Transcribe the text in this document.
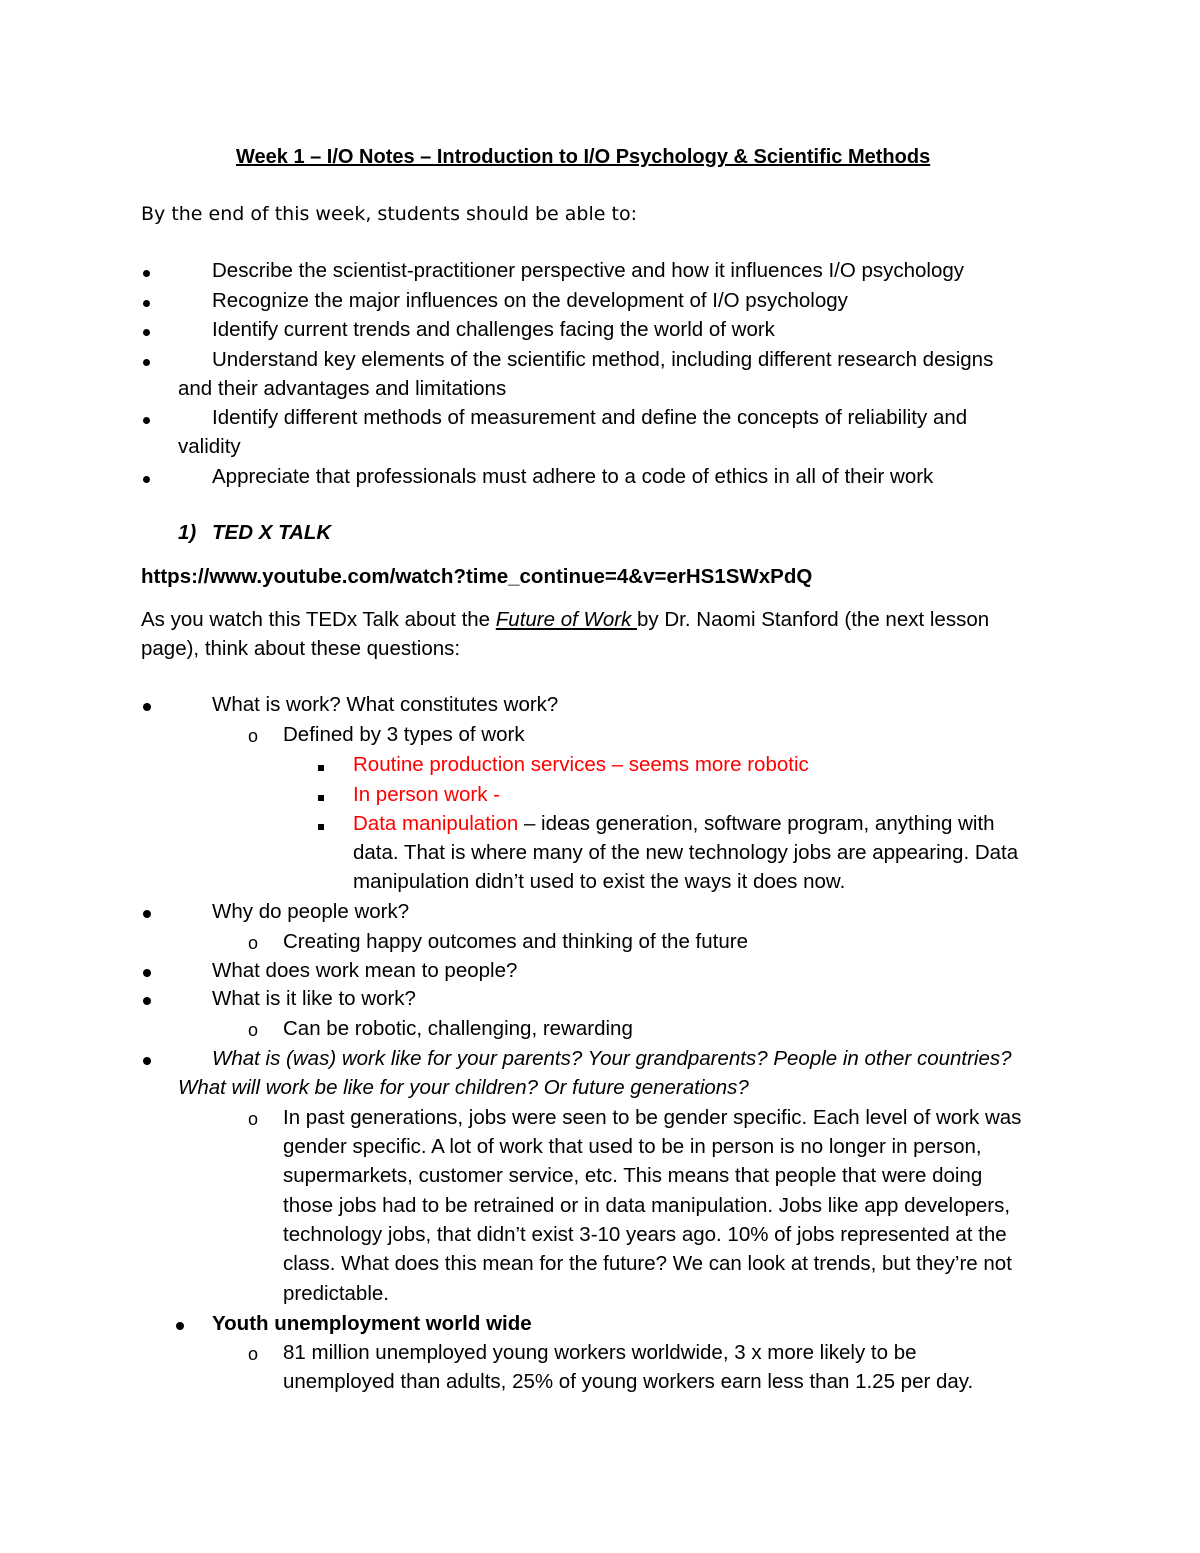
Week 1 – I/O Notes – Introduction to I/O Psychology & Scientific Methods
By the end of this week, students should be able to:
Describe the scientist-practitioner perspective and how it influences I/O psychology
Recognize the major influences on the development of I/O psychology
Identify current trends and challenges facing the world of work
Understand key elements of the scientific method, including different research designs
and their advantages and limitations
Identify different methods of measurement and define the concepts of reliability and
validity
Appreciate that professionals must adhere to a code of ethics in all of their work
1) TED X TALK
https://www.youtube.com/watch?time_continue=4&v=erHS1SWxPdQ
As you watch this TEDx Talk about the Future of Work by Dr. Naomi Stanford (the next lesson
page), think about these questions:
What is work? What constitutes work?
o Defined by 3 types of work
Routine production services – seems more robotic
In person work -
Data manipulation – ideas generation, software program, anything with
data. That is where many of the new technology jobs are appearing. Data
manipulation didn’t used to exist the ways it does now.
Why do people work?
o Creating happy outcomes and thinking of the future
What does work mean to people?
What is it like to work?
o Can be robotic, challenging, rewarding
What is (was) work like for your parents? Your grandparents? People in other countries?
What will work be like for your children? Or future generations?
o In past generations, jobs were seen to be gender specific. Each level of work was
gender specific. A lot of work that used to be in person is no longer in person,
supermarkets, customer service, etc. This means that people that were doing
those jobs had to be retrained or in data manipulation. Jobs like app developers,
technology jobs, that didn’t exist 3-10 years ago. 10% of jobs represented at the
class. What does this mean for the future? We can look at trends, but they’re not
predictable.
Youth unemployment world wide
o 81 million unemployed young workers worldwide, 3 x more likely to be
unemployed than adults, 25% of young workers earn less than 1.25 per day.
